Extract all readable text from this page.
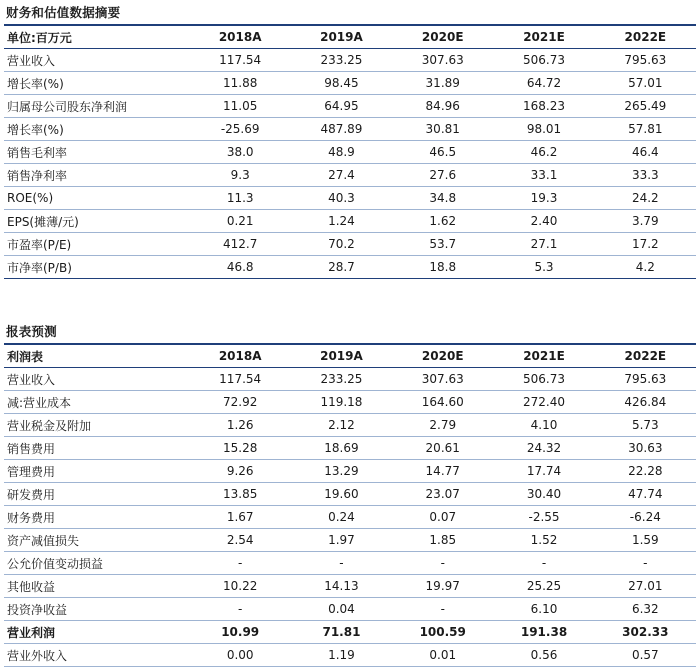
财务和估值数据摘要
单位:百万元	2018A	2019A	2020E	2021E	2022E
营业收入	117.54	233.25	307.63	506.73	795.63
增长率(%)	11.88	98.45	31.89	64.72	57.01
归属母公司股东净利润	11.05	64.95	84.96	168.23	265.49
增长率(%)	-25.69	487.89	30.81	98.01	57.81
销售毛利率	38.0	48.9	46.5	46.2	46.4
销售净利率	9.3	27.4	27.6	33.1	33.3
ROE(%)	11.3	40.3	34.8	19.3	24.2
EPS(摊薄/元)	0.21	1.24	1.62	2.40	3.79
市盈率(P/E)	412.7	70.2	53.7	27.1	17.2
市净率(P/B)	46.8	28.7	18.8	5.3	4.2
报表预测
利润表	2018A	2019A	2020E	2021E	2022E
营业收入	117.54	233.25	307.63	506.73	795.63
减:营业成本	72.92	119.18	164.60	272.40	426.84
营业税金及附加	1.26	2.12	2.79	4.10	5.73
销售费用	15.28	18.69	20.61	24.32	30.63
管理费用	9.26	13.29	14.77	17.74	22.28
研发费用	13.85	19.60	23.07	30.40	47.74
财务费用	1.67	0.24	0.07	-2.55	-6.24
资产减值损失	2.54	1.97	1.85	1.52	1.59
公允价值变动损益	-	-	-	-	-
其他收益	10.22	14.13	19.97	25.25	27.01
投资净收益	-	0.04	-	6.10	6.32
营业利润	10.99	71.81	100.59	191.38	302.33
营业外收入	0.00	1.19	0.01	0.56	0.57
